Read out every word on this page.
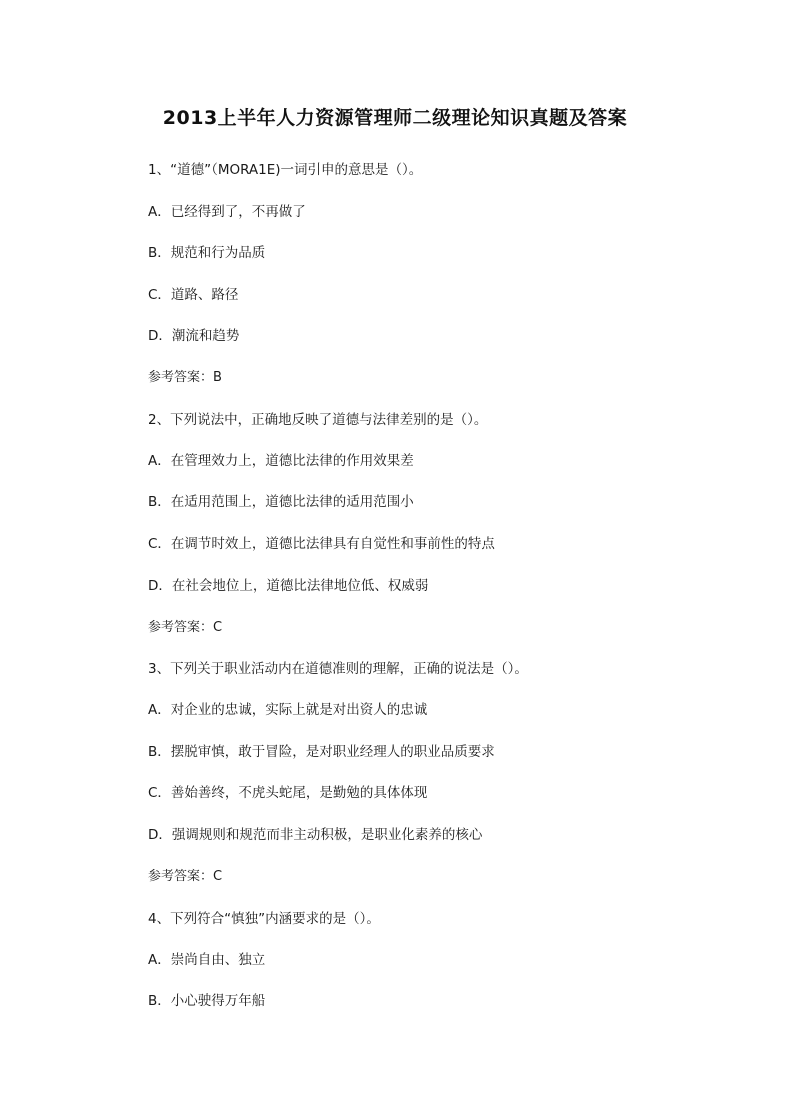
2013上半年人力资源管理师二级理论知识真题及答案
1、“道德”（MORA1E)一词引申的意思是（）。
A．已经得到了，不再做了
B．规范和行为品质
C．道路、路径
D．潮流和趋势
参考答案：B
2、下列说法中，正确地反映了道德与法律差别的是（）。
A．在管理效力上，道德比法律的作用效果差
B．在适用范围上，道德比法律的适用范围小
C．在调节时效上，道德比法律具有自觉性和事前性的特点
D．在社会地位上，道德比法律地位低、权威弱
参考答案：C
3、下列关于职业活动内在道德准则的理解，正确的说法是（）。
A．对企业的忠诚，实际上就是对出资人的忠诚
B．摆脱审慎，敢于冒险，是对职业经理人的职业品质要求
C．善始善终，不虎头蛇尾，是勤勉的具体体现
D．强调规则和规范而非主动积极，是职业化素养的核心
参考答案：C
4、下列符合“慎独”内涵要求的是（）。
A．崇尚自由、独立
B．小心驶得万年船
